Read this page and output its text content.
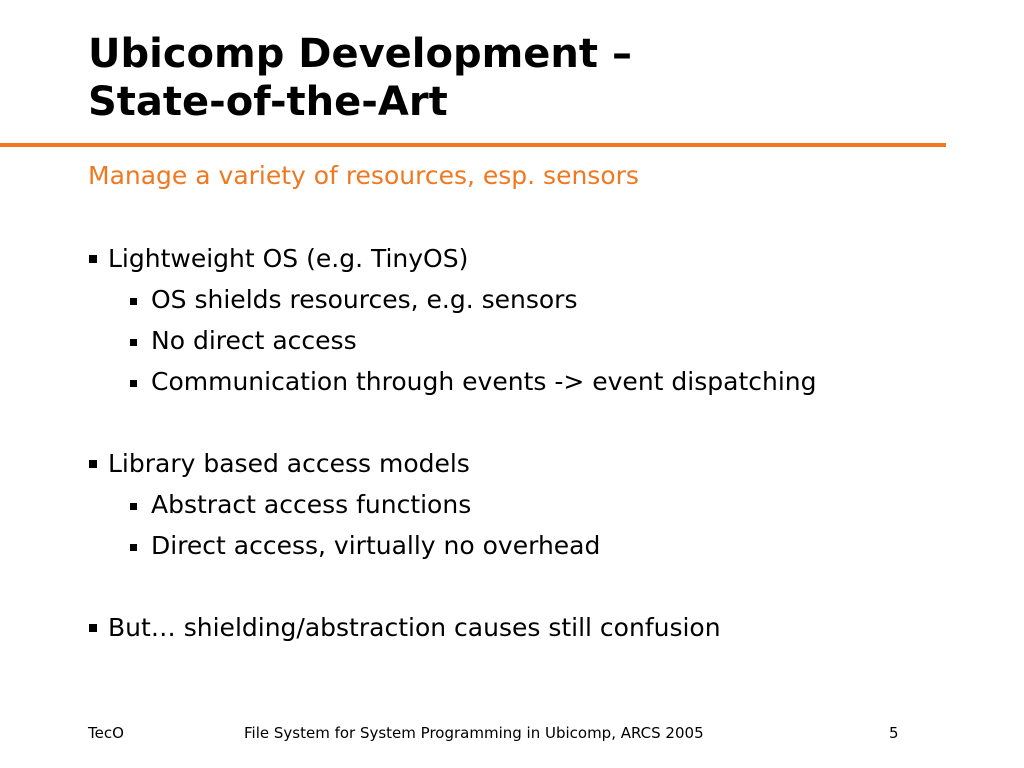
Ubicomp Development –
State-of-the-Art
Manage a variety of resources, esp. sensors
Lightweight OS (e.g. TinyOS)
OS shields resources, e.g. sensors
No direct access
Communication through events -> event dispatching
Library based access models
Abstract access functions
Direct access, virtually no overhead
But… shielding/abstraction causes still confusion
TecO	File System for System Programming in Ubicomp, ARCS 2005	5
